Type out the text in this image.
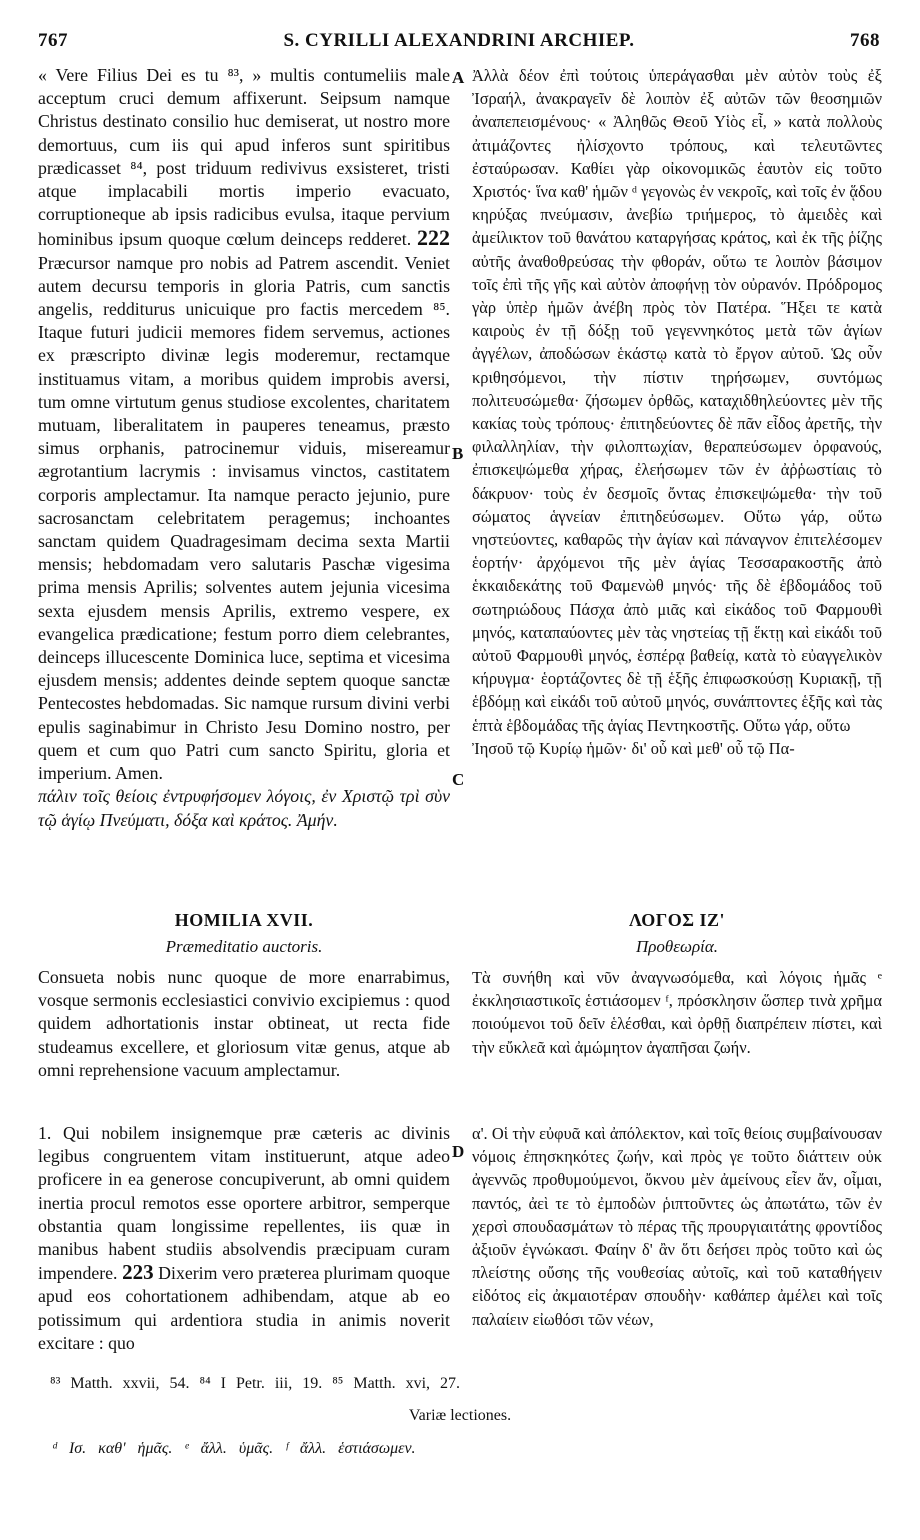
767	S. CYRILLI ALEXANDRINI ARCHIEP.	768

« Vere Filius Dei es tu ⁸³, » multis contumeliis male acceptum cruci demum affixerunt. Seipsum namque Christus destinato consilio huc demiserat, ut nostro more demortuus, cum iis qui apud inferos sunt spiritibus prædicasset ⁸⁴, post triduum redivivus exsisteret, tristi atque implacabili mortis imperio evacuato, corruptioneque ab ipsis radicibus evulsa, itaque pervium hominibus ipsum quoque cœlum deinceps redderet. 222 Præcursor namque pro nobis ad Patrem ascendit. Veniet autem decursu temporis in gloria Patris, cum sanctis angelis, redditurus unicuique pro factis mercedem ⁸⁵. Itaque futuri judicii memores fidem servemus, actiones ex præscripto divinæ legis moderemur, rectamque instituamus vitam, a moribus quidem improbis aversi, tum omne virtutum genus studiose excolentes, charitatem mutuam, liberalitatem in pauperes teneamus, præsto simus orphanis, patrocinemur viduis, misereamur ægrotantium lacrymis : invisamus vinctos, castitatem corporis amplectamur. Ita namque peracto jejunio, pure sacrosanctam celebritatem peragemus; inchoantes sanctam quidem Quadragesimam decima sexta Martii mensis; hebdomadam vero salutaris Paschæ vigesima prima mensis Aprilis; solventes autem jejunia vicesima sexta ejusdem mensis Aprilis, extremo vespere, ex evangelica prædicatione; festum porro diem celebrantes, deinceps illucescente Dominica luce, septima et vicesima ejusdem mensis; addentes deinde septem quoque sanctæ Pentecostes hebdomadas. Sic namque rursum divini verbi epulis saginabimur in Christo Jesu Domino nostro, per quem et cum quo Patri cum sancto Spiritu, gloria et imperium. Amen.

πάλιν τοῖς θείοις ἐντρυφήσομεν λόγοις, ἐν Χριστῷ τρὶ σὺν τῷ ἁγίῳ Πνεύματι, δόξα καὶ κράτος. Ἀμήν.

Ἀλλὰ δέον ἐπὶ τούτοις ὑπεράγασθαι μὲν αὐτὸν τοὺς ἐξ Ἰσραήλ, ἀνακραγεῖν δὲ λοιπὸν ἐξ αὐτῶν τῶν θεοσημιῶν ἀναπεπεισμένους· « Ἀληθῶς Θεοῦ Υἱὸς εἶ, » κατὰ πολλοὺς ἀτιμάζοντες ἠλίσχοντο τρόπους, καὶ τελευτῶντες ἐσταύρωσαν. Καθίει γὰρ οἰκονομικῶς ἑαυτὸν εἰς τοῦτο Χριστός· ἵνα καθ' ἡμῶν ᵈ γεγονὼς ἐν νεκροῖς, καὶ τοῖς ἐν ᾅδου κηρύξας πνεύμασιν, ἀνεβίω τριήμερος, τὸ ἀμειδὲς καὶ ἀμείλικτον τοῦ θανάτου καταργήσας κράτος, καὶ ἐκ τῆς ῥίζης αὐτῆς ἀναθοθρεύσας τὴν φθοράν, οὕτω τε λοιπὸν βάσιμον τοῖς ἐπὶ τῆς γῆς καὶ αὐτὸν ἀποφήνῃ τὸν οὐρανόν. Πρόδρομος γὰρ ὑπὲρ ἡμῶν ἀνέβη πρὸς τὸν Πατέρα. Ἥξει τε κατὰ καιροὺς ἐν τῇ δόξῃ τοῦ γεγεννηκότος μετὰ τῶν ἁγίων ἀγγέλων, ἀποδώσων ἑκάστῳ κατὰ τὸ ἔργον αὐτοῦ. Ὡς οὖν κριθησόμενοι, τὴν πίστιν τηρήσωμεν, συντόμως πολιτευσώμεθα· ζήσωμεν ὀρθῶς, καταχιδθηλεύοντες μὲν τῆς κακίας τοὺς τρόπους· ἐπιτηδεύοντες δὲ πᾶν εἶδος ἀρετῆς, τὴν φιλαλληλίαν, τὴν φιλοπτωχίαν, θεραπεύσωμεν ὀρφανούς, ἐπισκεψώμεθα χήρας, ἐλεήσωμεν τῶν ἐν ἀῤῥωστίαις τὸ δάκρυον· τοὺς ἐν δεσμοῖς ὄντας ἐπισκεψώμεθα· τὴν τοῦ σώματος ἁγνείαν ἐπιτηδεύσωμεν. Οὕτω γάρ, οὕτω νηστεύοντες, καθαρῶς τὴν ἁγίαν καὶ πάναγνον ἐπιτελέσομεν ἑορτήν· ἀρχόμενοι τῆς μὲν ἁγίας Τεσσαρακοστῆς ἀπὸ ἑκκαιδεκάτης τοῦ Φαμενὼθ μηνός· τῆς δὲ ἑβδομάδος τοῦ σωτηριώδους Πάσχα ἀπὸ μιᾶς καὶ εἰκάδος τοῦ Φαρμουθὶ μηνός, καταπαύοντες μὲν τὰς νηστείας τῇ ἕκτῃ καὶ εἰκάδι τοῦ αὐτοῦ Φαρμουθὶ μηνός, ἑσπέρᾳ βαθείᾳ, κατὰ τὸ εὐαγγελικὸν κήρυγμα· ἑορτάζοντες δὲ τῇ ἑξῆς ἐπιφωσκούσῃ Κυριακῇ, τῇ ἑβδόμῃ καὶ εἰκάδι τοῦ αὐτοῦ μηνός, συνάπτοντες ἑξῆς καὶ τὰς ἑπτὰ ἑβδομάδας τῆς ἁγίας Πεντηκοστῆς. Οὕτω γάρ, οὕτω

Ἰησοῦ τῷ Κυρίῳ ἡμῶν· δι' οὗ καὶ μεθ' οὗ τῷ Πα-

A
B
C
D
HOMILIA XVII.
Præmeditatio auctoris.
ΛΟΓΟΣ ΙΖ'
Προθεωρία.

Consueta nobis nunc quoque de more enarrabimus, vosque sermonis ecclesiastici convivio excipiemus : quod quidem adhortationis instar obtineat, ut recta fide studeamus excellere, et gloriosum vitæ genus, atque ab omni reprehensione vacuum amplectamur.

Τὰ συνήθη καὶ νῦν ἀναγνωσόμεθα, καὶ λόγοις ἡμᾶς ᵉ ἐκκλησιαστικοῖς ἑστιάσομεν ᶠ, πρόσκλησιν ὥσπερ τινὰ χρῆμα ποιούμενοι τοῦ δεῖν ἑλέσθαι, καὶ ὀρθῇ διαπρέπειν πίστει, καὶ τὴν εὔκλεᾶ καὶ ἀμώμητον ἀγαπῆσαι ζωήν.

1. Qui nobilem insignemque præ cæteris ac divinis legibus congruentem vitam instituerunt, atque adeo proficere in ea generose concupiverunt, ab omni quidem inertia procul remotos esse oportere arbitror, semperque obstantia quam longissime repellentes, iis quæ in manibus habent studiis absolvendis præcipuam curam impendere. 223 Dixerim vero præterea plurimam quoque apud eos cohortationem adhibendam, atque ab eo potissimum qui ardentiora studia in animis noverit excitare : quo

α'. Οἱ τὴν εὐφυᾶ καὶ ἀπόλεκτον, καὶ τοῖς θείοις συμβαίνουσαν νόμοις ἐπησκηκότες ζωήν, καὶ πρὸς γε τοῦτο διάττειν οὐκ ἀγεννῶς προθυμούμενοι, ὄκνου μὲν ἀμείνους εἶεν ἄν, οἶμαι, παντός, ἀεὶ τε τὸ ἐμποδὼν ῥιπτοῦντες ὡς ἀπωτάτω, τῶν ἐν χερσὶ σπουδασμάτων τὸ πέρας τῆς προυργιαιτάτης φροντίδος ἀξιοῦν ἐγνώκασι. Φαίην δ' ἂν ὅτι δεήσει πρὸς τοῦτο καὶ ὡς πλείστης οὔσης τῆς νουθεσίας αὐτοῖς, καὶ τοῦ καταθήγειν εἰδότος εἰς ἀκμαιοτέραν σπουδὴν· καθάπερ ἀμέλει καὶ τοῖς παλαίειν εἰωθόσι τῶν νέων,

⁸³ Matth. xxvii, 54. ⁸⁴ I Petr. iii, 19. ⁸⁵ Matth. xvi, 27.
Variæ lectiones.
ᵈ Ισ. καθ' ἡμᾶς. ᵉ ἄλλ. ὑμᾶς. ᶠ ἄλλ. ἑστιάσωμεν.
